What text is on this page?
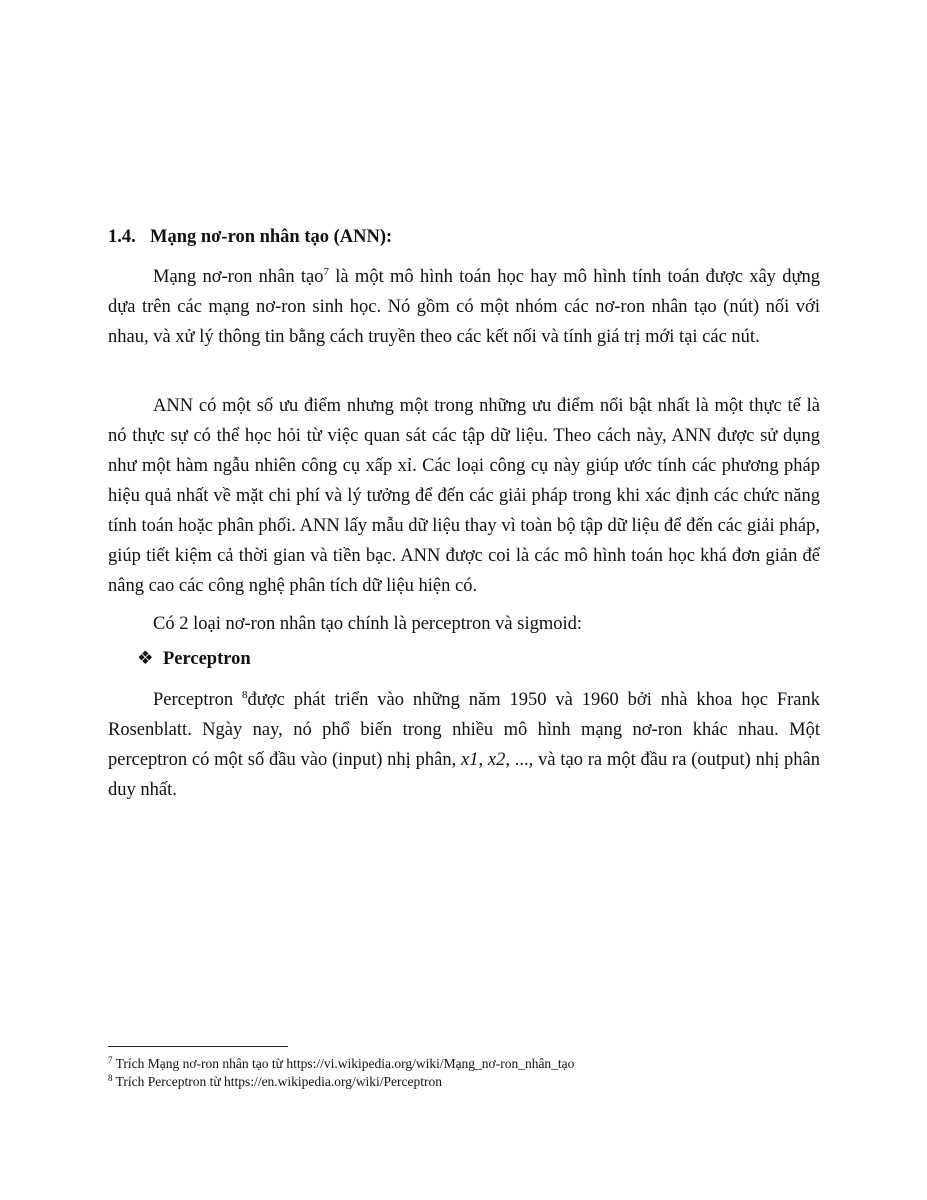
1.4. Mạng nơ-ron nhân tạo (ANN):

Mạng nơ-ron nhân tạo$^7$ là một mô hình toán học hay mô hình tính toán được xây dựng dựa trên các mạng nơ-ron sinh học. Nó gồm có một nhóm các nơ-ron nhân tạo (nút) nối với nhau, và xử lý thông tin bằng cách truyền theo các kết nối và tính giá trị mới tại các nút.

ANN có một số ưu điểm nhưng một trong những ưu điểm nổi bật nhất là một thực tế là nó thực sự có thể học hỏi từ việc quan sát các tập dữ liệu. Theo cách này, ANN được sử dụng như một hàm ngẫu nhiên công cụ xấp xỉ. Các loại công cụ này giúp ước tính các phương pháp hiệu quả nhất về mặt chi phí và lý tưởng để đến các giải pháp trong khi xác định các chức năng tính toán hoặc phân phối. ANN lấy mẫu dữ liệu thay vì toàn bộ tập dữ liệu để đến các giải pháp, giúp tiết kiệm cả thời gian và tiền bạc. ANN được coi là các mô hình toán học khá đơn giản để nâng cao các công nghệ phân tích dữ liệu hiện có.

Có 2 loại nơ-ron nhân tạo chính là perceptron và sigmoid:

❖ Perceptron

Perceptron $^8$được phát triển vào những năm 1950 và 1960 bởi nhà khoa học Frank Rosenblatt. Ngày nay, nó phổ biến trong nhiều mô hình mạng nơ-ron khác nhau. Một perceptron có một số đầu vào (input) nhị phân, x1, x2, ..., và tạo ra một đầu ra (output) nhị phân duy nhất.

$^7$ Trích Mạng nơ-ron nhân tạo từ https://vi.wikipedia.org/wiki/Mạng_nơ-ron_nhân_tạo
$^8$ Trích Perceptron từ https://en.wikipedia.org/wiki/Perceptron
